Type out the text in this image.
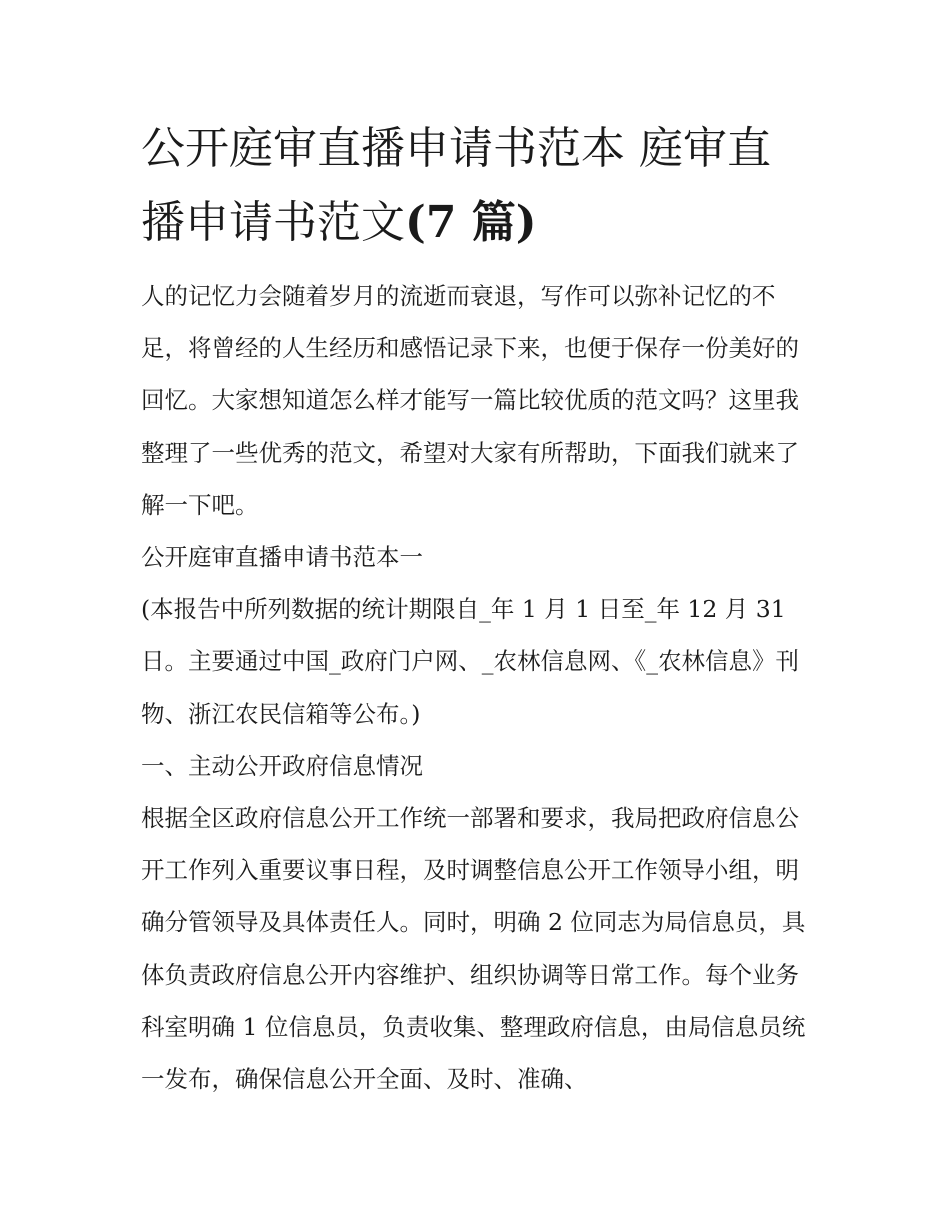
公开庭审直播申请书范本 庭审直播申请书范文(7 篇)

人的记忆力会随着岁月的流逝而衰退，写作可以弥补记忆的不足，将曾经的人生经历和感悟记录下来，也便于保存一份美好的回忆。大家想知道怎么样才能写一篇比较优质的范文吗？这里我整理了一些优秀的范文，希望对大家有所帮助，下面我们就来了解一下吧。

公开庭审直播申请书范本一

(本报告中所列数据的统计期限自_年 1 月 1 日至_年 12 月 31 日。主要通过中国_政府门户网、_农林信息网、《_农林信息》刊物、浙江农民信箱等公布。)

一、主动公开政府信息情况

根据全区政府信息公开工作统一部署和要求，我局把政府信息公开工作列入重要议事日程，及时调整信息公开工作领导小组，明确分管领导及具体责任人。同时，明确 2 位同志为局信息员，具体负责政府信息公开内容维护、组织协调等日常工作。每个业务科室明确 1 位信息员，负责收集、整理政府信息，由局信息员统一发布，确保信息公开全面、及时、准确、
